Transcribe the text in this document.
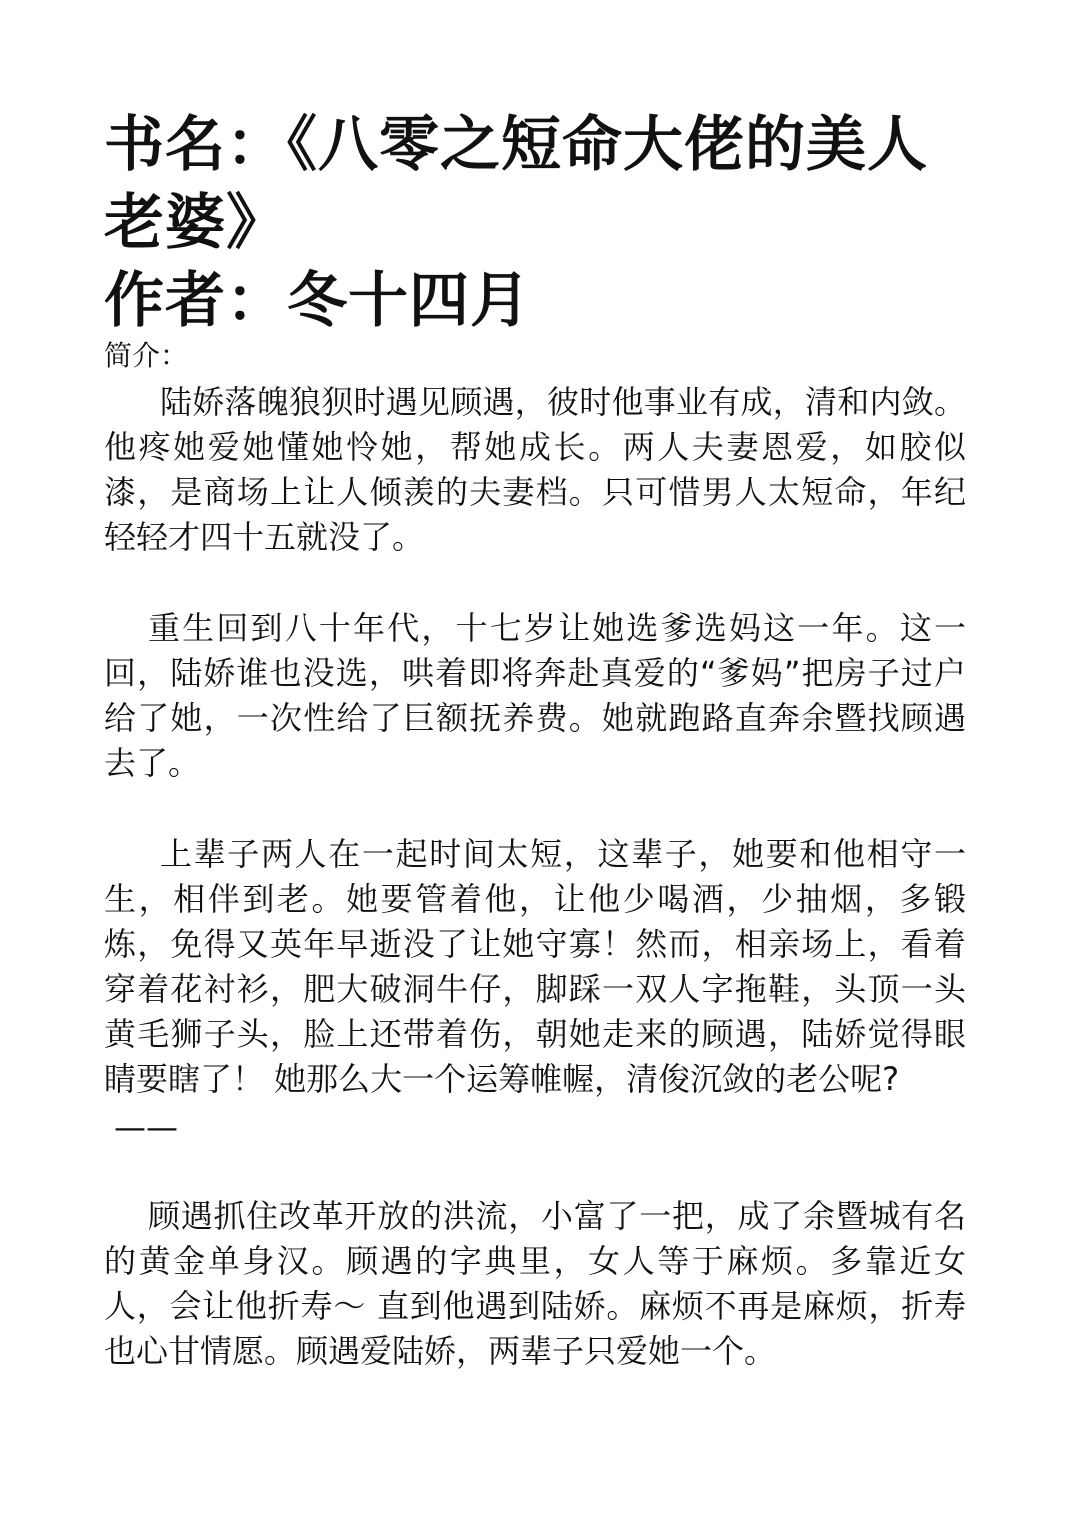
书名：《八零之短命大佬的美人老婆》

作者：冬十四月

简介：

陆娇落魄狼狈时遇见顾遇，彼时他事业有成，清和内敛。他疼她爱她懂她怜她，帮她成长。两人夫妻恩爱，如胶似漆，是商场上让人倾羡的夫妻档。只可惜男人太短命，年纪轻轻才四十五就没了。

重生回到八十年代，十七岁让她选爹选妈这一年。这一回，陆娇谁也没选，哄着即将奔赴真爱的“爹妈”把房子过户给了她，一次性给了巨额抚养费。她就跑路直奔余暨找顾遇去了。

上辈子两人在一起时间太短，这辈子，她要和他相守一生，相伴到老。她要管着他，让他少喝酒，少抽烟，多锻炼，免得又英年早逝没了让她守寡！然而，相亲场上，看着穿着花衬衫，肥大破洞牛仔，脚踩一双人字拖鞋，头顶一头黄毛狮子头，脸上还带着伤，朝她走来的顾遇，陆娇觉得眼睛要瞎了！ 她那么大一个运筹帷幄，清俊沉敛的老公呢?

——

顾遇抓住改革开放的洪流，小富了一把，成了余暨城有名的黄金单身汉。顾遇的字典里，女人等于麻烦。多靠近女人，会让他折寿～ 直到他遇到陆娇。麻烦不再是麻烦，折寿也心甘情愿。顾遇爱陆娇，两辈子只爱她一个。
